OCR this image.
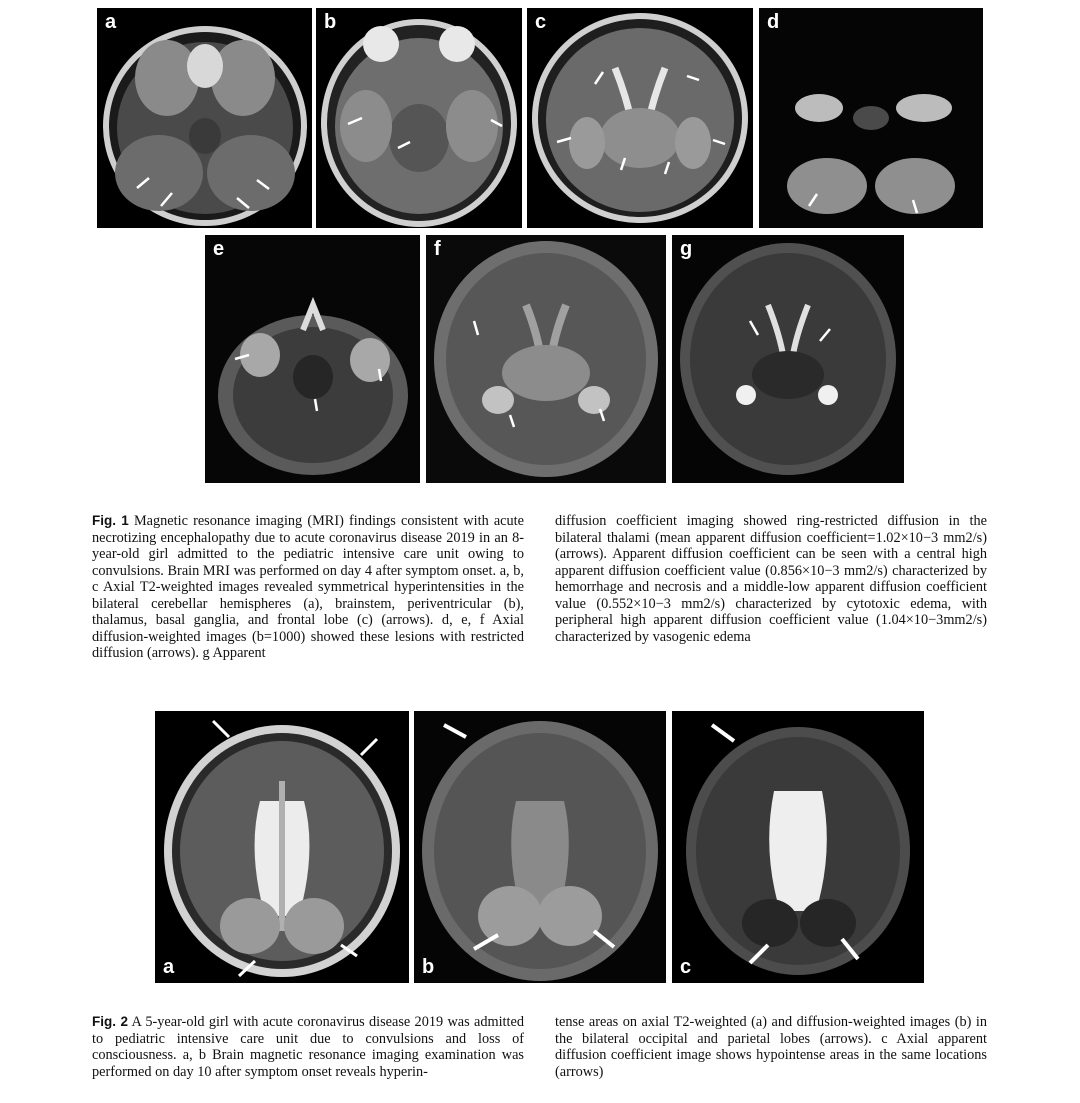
a	b	c	d
e	f	g

Fig. 1 Magnetic resonance imaging (MRI) findings consistent with acute necrotizing encephalopathy due to acute coronavirus disease 2019 in an 8-year-old girl admitted to the pediatric intensive care unit owing to convulsions. Brain MRI was performed on day 4 after symptom onset. a, b, c Axial T2-weighted images revealed symmetrical hyperintensities in the bilateral cerebellar hemispheres (a), brainstem, periventricular (b), thalamus, basal ganglia, and frontal lobe (c) (arrows). d, e, f Axial diffusion-weighted images (b=1000) showed these lesions with restricted diffusion (arrows). g Apparent

diffusion coefficient imaging showed ring-restricted diffusion in the bilateral thalami (mean apparent diffusion coefficient=1.02×10−3 mm2/s) (arrows). Apparent diffusion coefficient can be seen with a central high apparent diffusion coefficient value (0.856×10−3 mm2/s) characterized by hemorrhage and necrosis and a middle-low apparent diffusion coefficient value (0.552×10−3 mm2/s) characterized by cytotoxic edema, with peripheral high apparent diffusion coefficient value (1.04×10−3mm2/s) characterized by vasogenic edema

a	b	c

Fig. 2 A 5-year-old girl with acute coronavirus disease 2019 was admitted to pediatric intensive care unit due to convulsions and loss of consciousness. a, b Brain magnetic resonance imaging examination was performed on day 10 after symptom onset reveals hyperin-

tense areas on axial T2-weighted (a) and diffusion-weighted images (b) in the bilateral occipital and parietal lobes (arrows). c Axial apparent diffusion coefficient image shows hypointense areas in the same locations (arrows)
